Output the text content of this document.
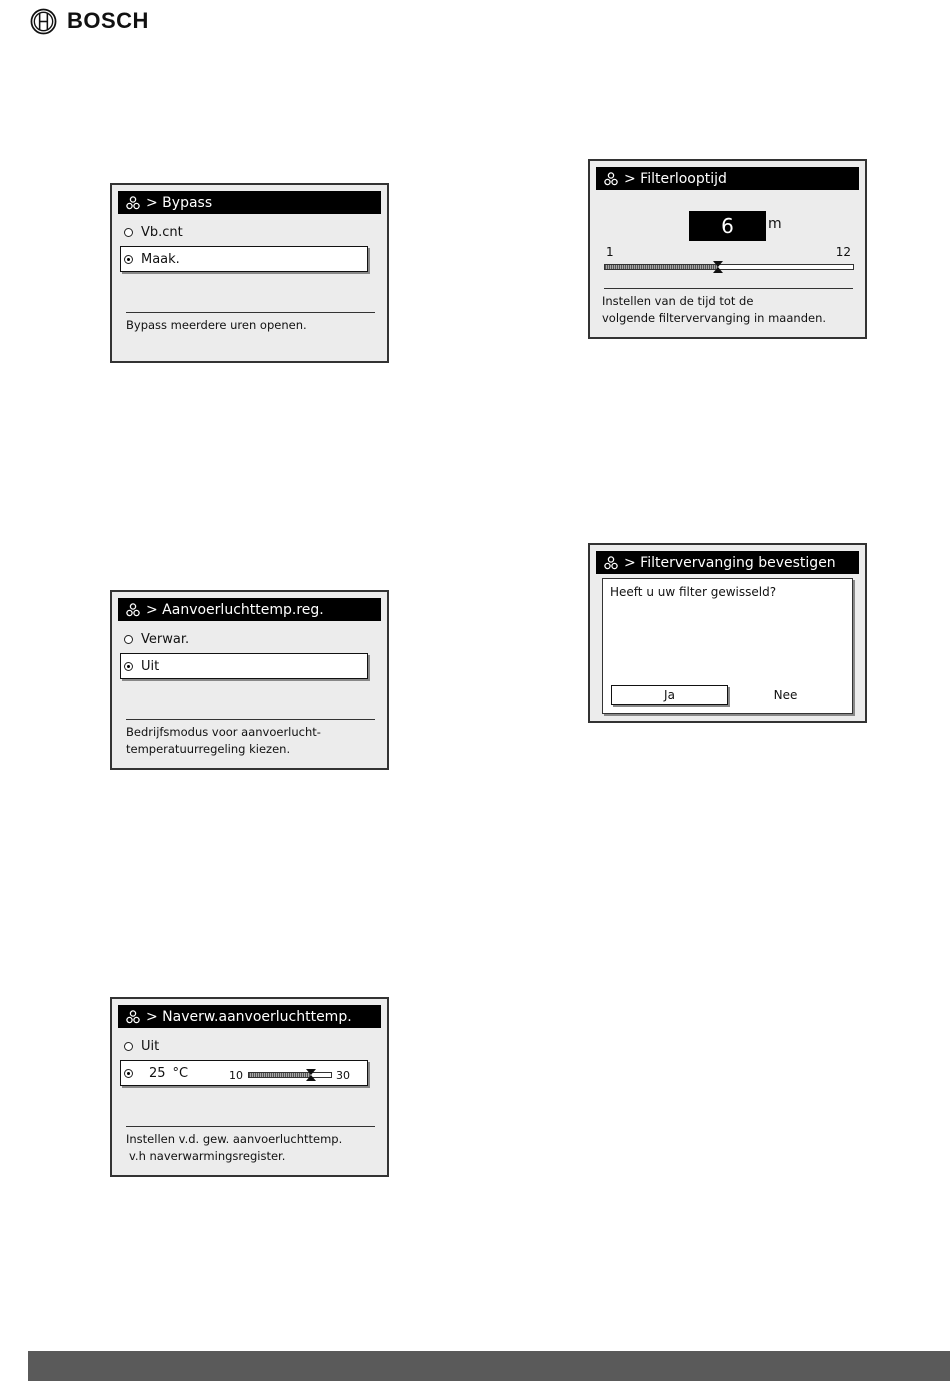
BOSCH
> Bypass
Vb.cnt
Maak.
Bypass meerdere uren openen.
> Aanvoerluchttemp.reg.
Verwar.
Uit
Bedrijfsmodus voor aanvoerlucht-
temperatuurregeling kiezen.
> Naverw.aanvoerluchttemp.
Uit
25 °C	10	30
Instellen v.d. gew. aanvoerluchttemp.
v.h naverwarmingsregister.
> Filterlooptijd
6	m
1	12
Instellen van de tijd tot de
volgende filtervervanging in maanden.
> Filtervervanging bevestigen
Heeft u uw filter gewisseld?
Ja	Nee
